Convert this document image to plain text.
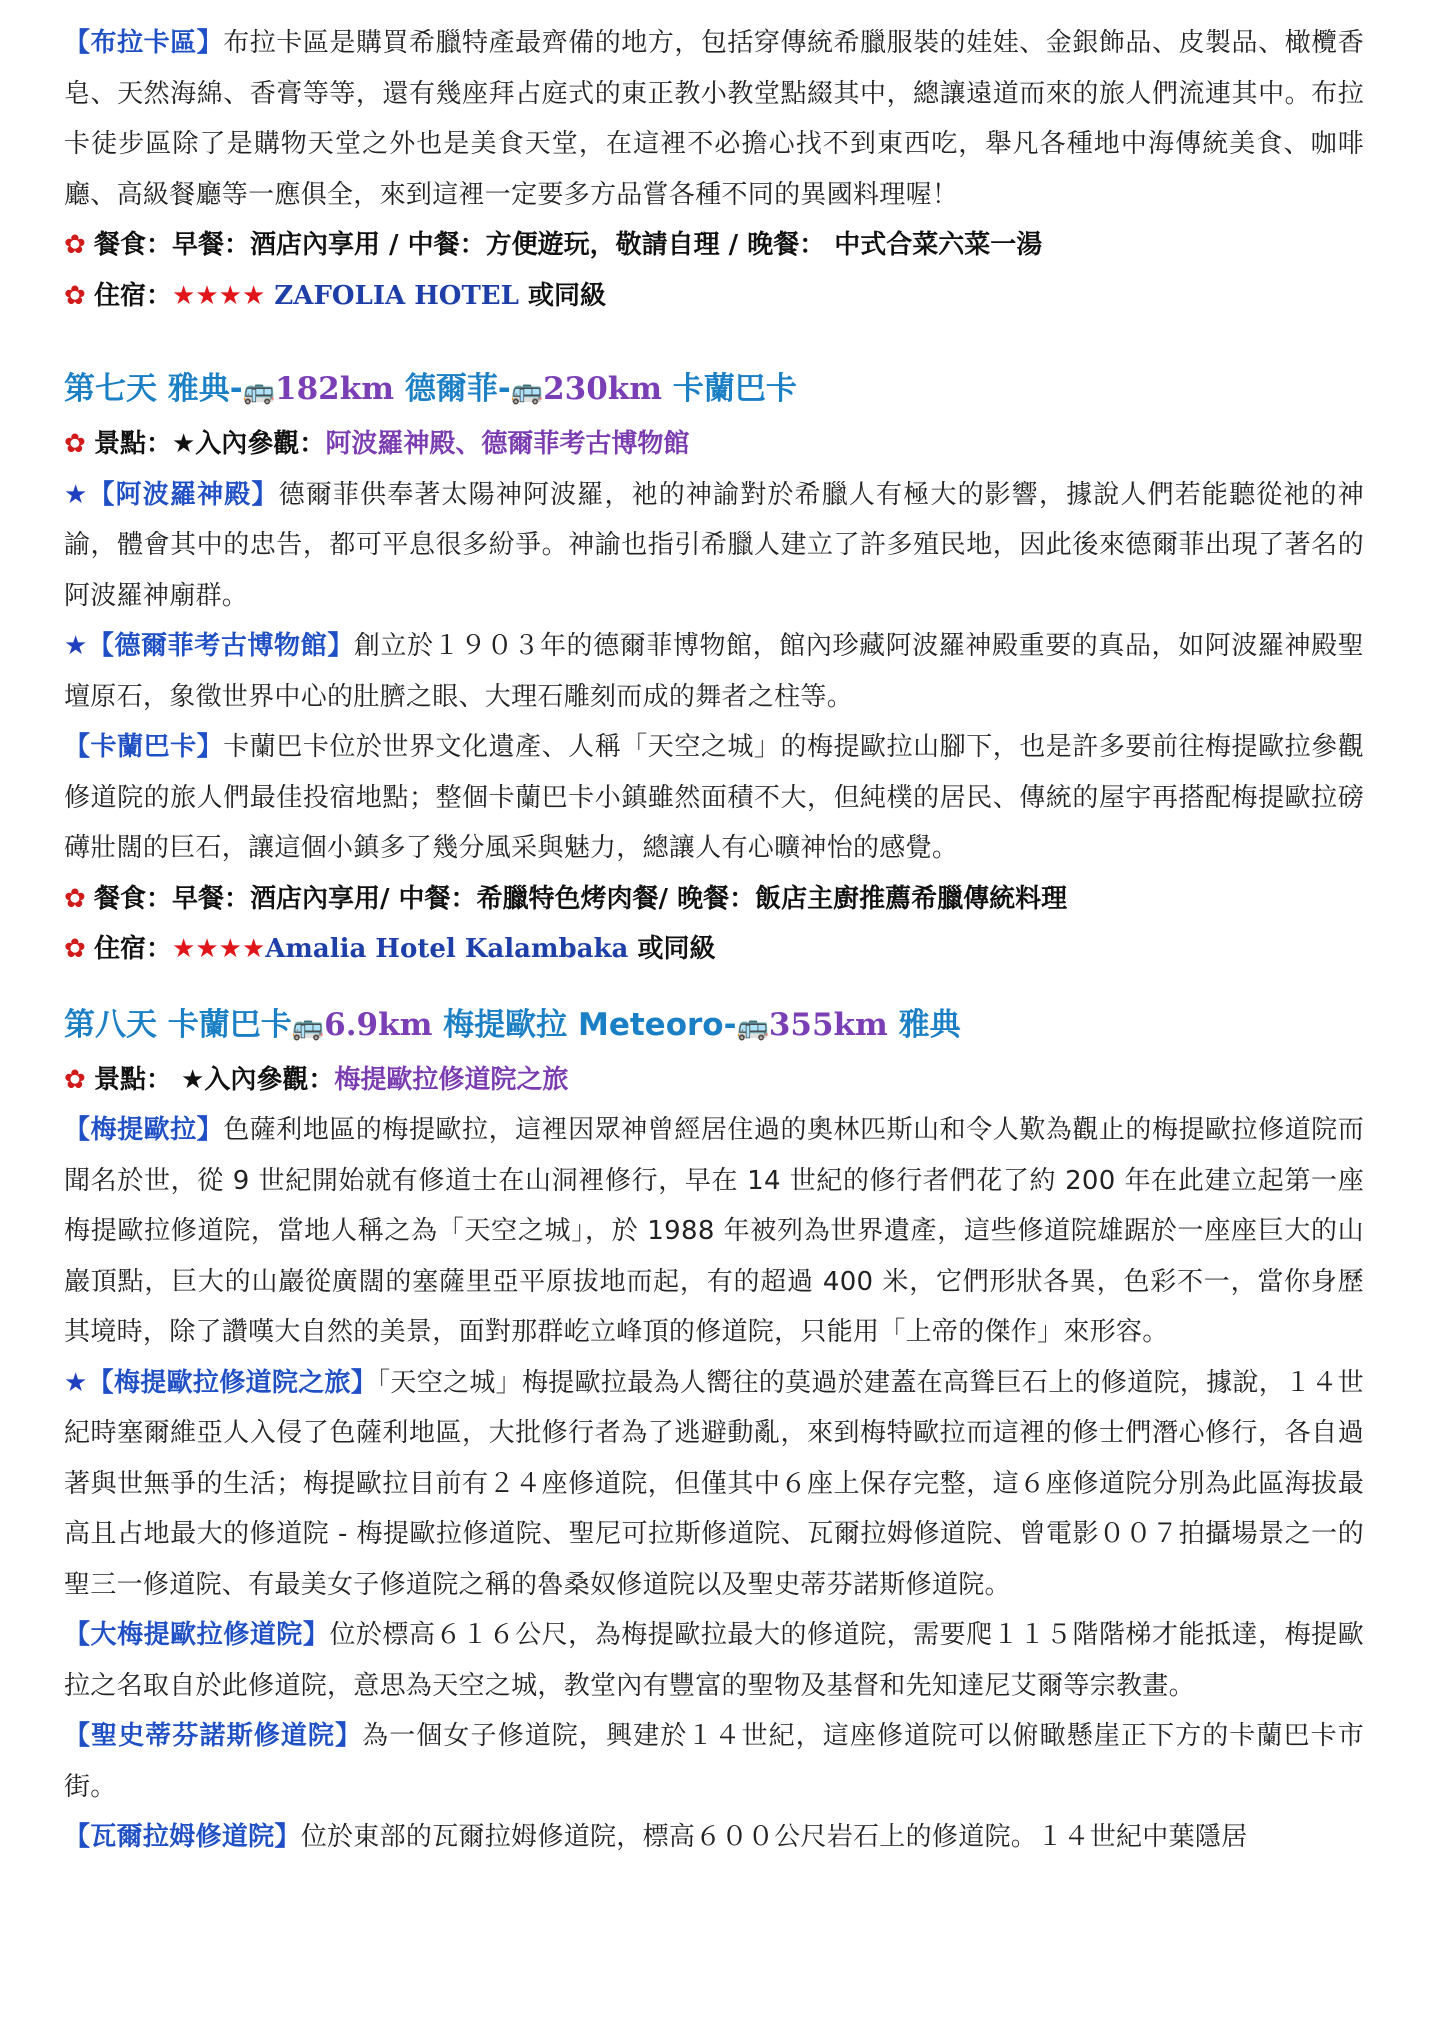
【布拉卡區】布拉卡區是購買希臘特產最齊備的地方，包括穿傳統希臘服裝的娃娃、金銀飾品、皮製品、橄欖香皂、天然海綿、香膏等等，還有幾座拜占庭式的東正教小教堂點綴其中，總讓遠道而來的旅人們流連其中。布拉卡徒步區除了是購物天堂之外也是美食天堂，在這裡不必擔心找不到東西吃，舉凡各種地中海傳統美食、咖啡廳、高級餐廳等一應俱全，來到這裡一定要多方品嘗各種不同的異國料理喔！

✿ 餐食：早餐：酒店內享用 / 中餐：方便遊玩，敬請自理 / 晚餐： 中式合菜六菜一湯

✿ 住宿：★★★★ ZAFOLIA HOTEL 或同級

第七天 雅典-🚌182km 德爾菲-🚌230km 卡蘭巴卡

✿ 景點：★入內參觀：阿波羅神殿、德爾菲考古博物館

★【阿波羅神殿】德爾菲供奉著太陽神阿波羅，祂的神諭對於希臘人有極大的影響，據說人們若能聽從祂的神諭，體會其中的忠告，都可平息很多紛爭。神諭也指引希臘人建立了許多殖民地，因此後來德爾菲出現了著名的阿波羅神廟群。

★【德爾菲考古博物館】創立於１９０３年的德爾菲博物館，館內珍藏阿波羅神殿重要的真品，如阿波羅神殿聖壇原石，象徵世界中心的肚臍之眼、大理石雕刻而成的舞者之柱等。

【卡蘭巴卡】卡蘭巴卡位於世界文化遺產、人稱「天空之城」的梅提歐拉山腳下，也是許多要前往梅提歐拉參觀修道院的旅人們最佳投宿地點；整個卡蘭巴卡小鎮雖然面積不大，但純樸的居民、傳統的屋宇再搭配梅提歐拉磅礡壯闊的巨石，讓這個小鎮多了幾分風采與魅力，總讓人有心曠神怡的感覺。

✿ 餐食：早餐：酒店內享用/ 中餐：希臘特色烤肉餐/ 晚餐：飯店主廚推薦希臘傳統料理

✿ 住宿：★★★★Amalia Hotel Kalambaka 或同級

第八天 卡蘭巴卡🚌6.9km 梅提歐拉 Meteoro-🚌355km 雅典

✿ 景點： ★入內參觀：梅提歐拉修道院之旅

【梅提歐拉】色薩利地區的梅提歐拉，這裡因眾神曾經居住過的奧林匹斯山和令人歎為觀止的梅提歐拉修道院而聞名於世，從 9 世紀開始就有修道士在山洞裡修行，早在 14 世紀的修行者們花了約 200 年在此建立起第一座梅提歐拉修道院，當地人稱之為「天空之城」，於 1988 年被列為世界遺產，這些修道院雄踞於一座座巨大的山巖頂點，巨大的山巖從廣闊的塞薩里亞平原拔地而起，有的超過 400 米，它們形狀各異，色彩不一，當你身歷其境時，除了讚嘆大自然的美景，面對那群屹立峰頂的修道院，只能用「上帝的傑作」來形容。

★【梅提歐拉修道院之旅】「天空之城」梅提歐拉最為人嚮往的莫過於建蓋在高聳巨石上的修道院，據說，１４世紀時塞爾維亞人入侵了色薩利地區，大批修行者為了逃避動亂，來到梅特歐拉而這裡的修士們潛心修行，各自過著與世無爭的生活；梅提歐拉目前有２４座修道院，但僅其中６座上保存完整，這６座修道院分別為此區海拔最高且占地最大的修道院 - 梅提歐拉修道院、聖尼可拉斯修道院、瓦爾拉姆修道院、曾電影００７拍攝場景之一的聖三一修道院、有最美女子修道院之稱的魯桑奴修道院以及聖史蒂芬諾斯修道院。

【大梅提歐拉修道院】位於標高６１６公尺，為梅提歐拉最大的修道院，需要爬１１５階階梯才能抵達，梅提歐拉之名取自於此修道院，意思為天空之城，教堂內有豐富的聖物及基督和先知達尼艾爾等宗教畫。

【聖史蒂芬諾斯修道院】為一個女子修道院，興建於１４世紀，這座修道院可以俯瞰懸崖正下方的卡蘭巴卡市街。

【瓦爾拉姆修道院】位於東部的瓦爾拉姆修道院，標高６００公尺岩石上的修道院。１４世紀中葉隱居
